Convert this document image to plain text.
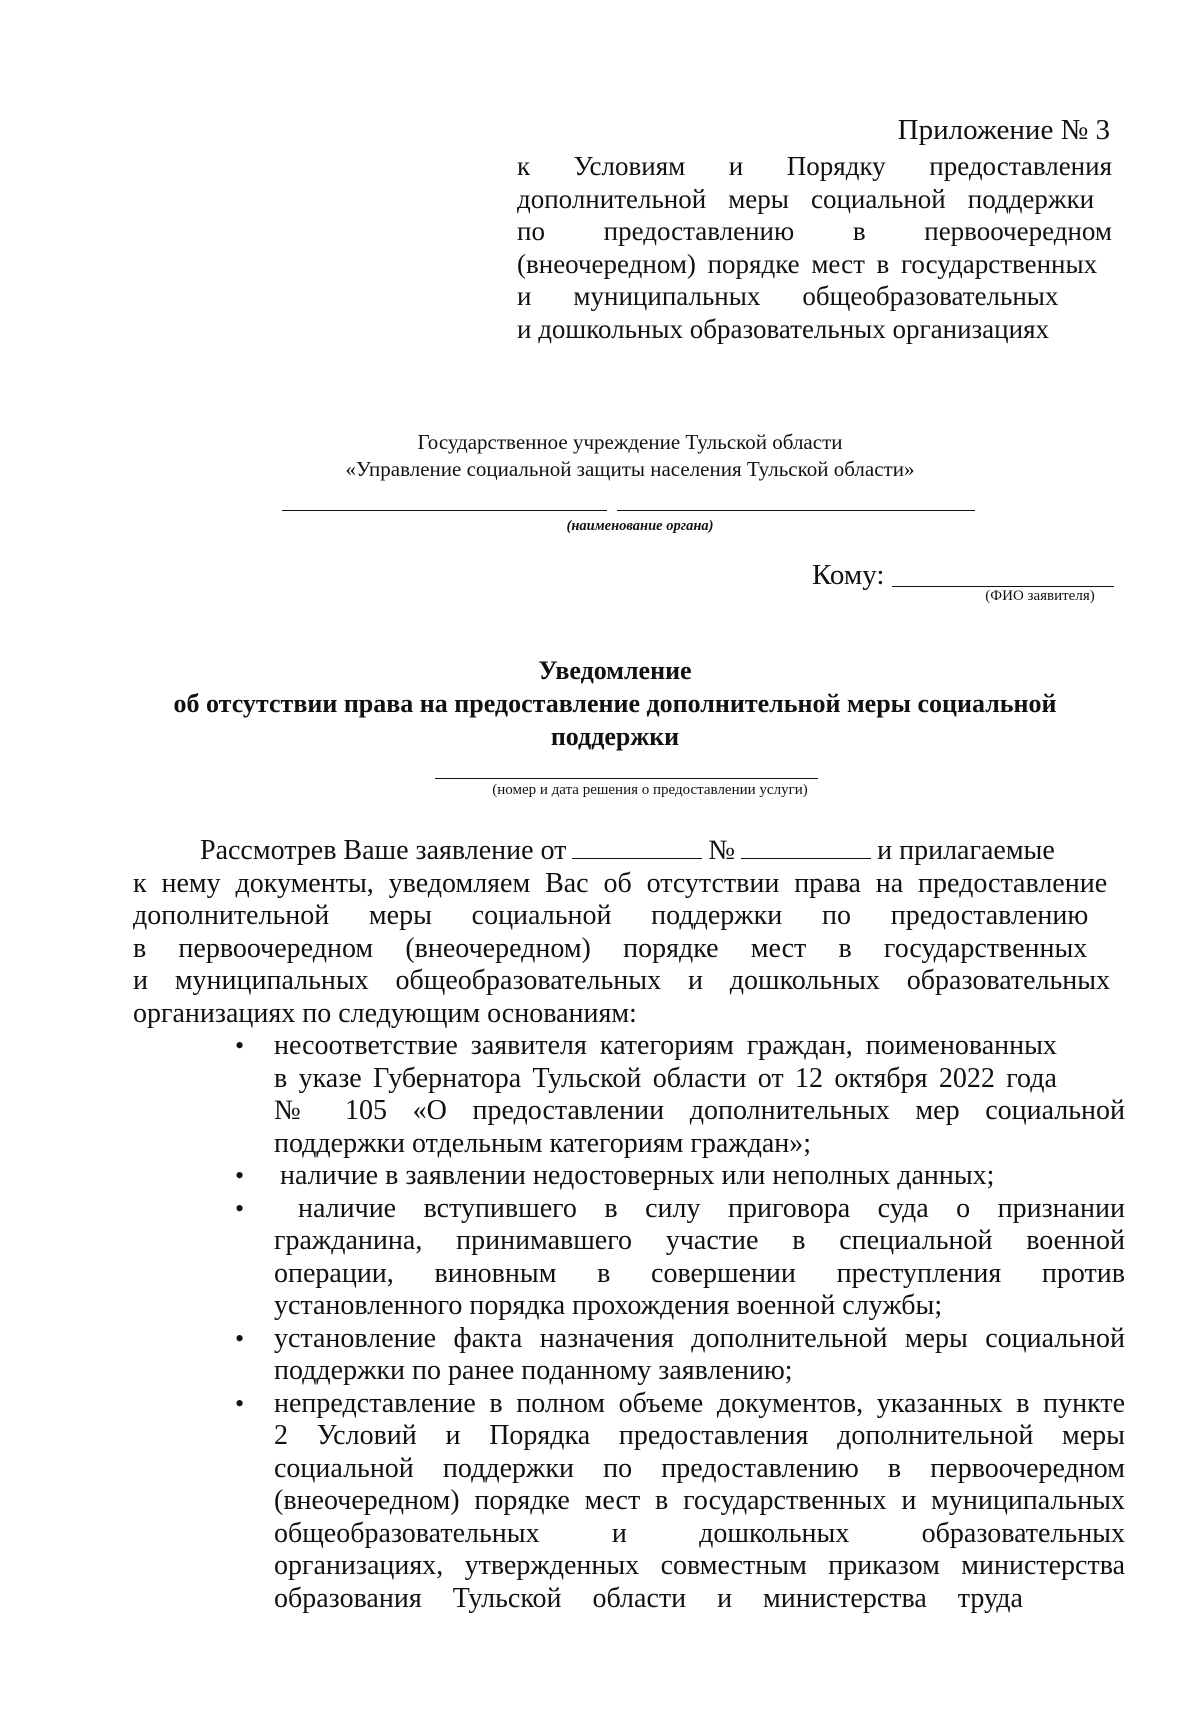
Приложение № 3
к Условиям и Порядку предоставления
дополнительной меры социальной поддержки
по предоставлению в первоочередном
(внеочередном) порядке мест в государственных
и муниципальных общеобразовательных
и дошкольных образовательных организациях
Государственное учреждение Тульской области
«Управление социальной защиты населения Тульской области»
(наименование органа)
Кому:
(ФИО заявителя)
Уведомление
об отсутствии права на предоставление дополнительной меры социальной
поддержки
(номер и дата решения о предоставлении услуги)
Рассмотрев Ваше заявление от	№	и прилагаемые
к нему документы, уведомляем Вас об отсутствии права на предоставление
дополнительной меры социальной поддержки по предоставлению
в первоочередном (внеочередном) порядке мест в государственных
и муниципальных общеобразовательных и дошкольных образовательных
организациях по следующим основаниям:
• несоответствие заявителя категориям граждан, поименованных
в указе Губернатора Тульской области от 12 октября 2022 года
№ 105 «О предоставлении дополнительных мер социальной
поддержки отдельным категориям граждан»;
• наличие в заявлении недостоверных или неполных данных;
•	наличие вступившего в силу приговора суда о признании
гражданина, принимавшего участие в специальной военной
операции, виновным в совершении преступления против
установленного порядка прохождения военной службы;
• установление факта назначения дополнительной меры социальной
поддержки по ранее поданному заявлению;
• непредставление в полном объеме документов, указанных в пункте
2 Условий и Порядка предоставления дополнительной меры
социальной поддержки по предоставлению в первоочередном
(внеочередном) порядке мест в государственных и муниципальных
общеобразовательных и дошкольных образовательных
организациях, утвержденных совместным приказом министерства
образования Тульской области и министерства труда
